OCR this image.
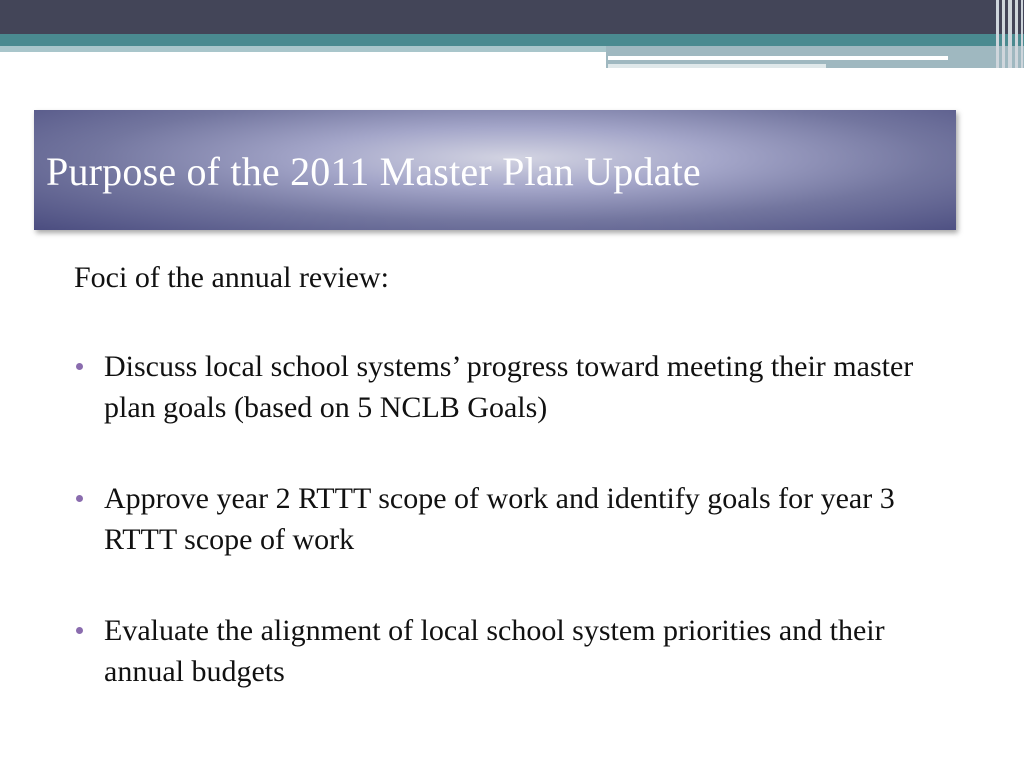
Purpose of the 2011 Master Plan Update

Foci of the annual review:

Discuss local school systems’ progress toward meeting their master plan goals (based on 5 NCLB Goals)
Approve year 2 RTTT scope of work and identify goals for year 3 RTTT scope of work
Evaluate the alignment of local school system priorities and their annual budgets
